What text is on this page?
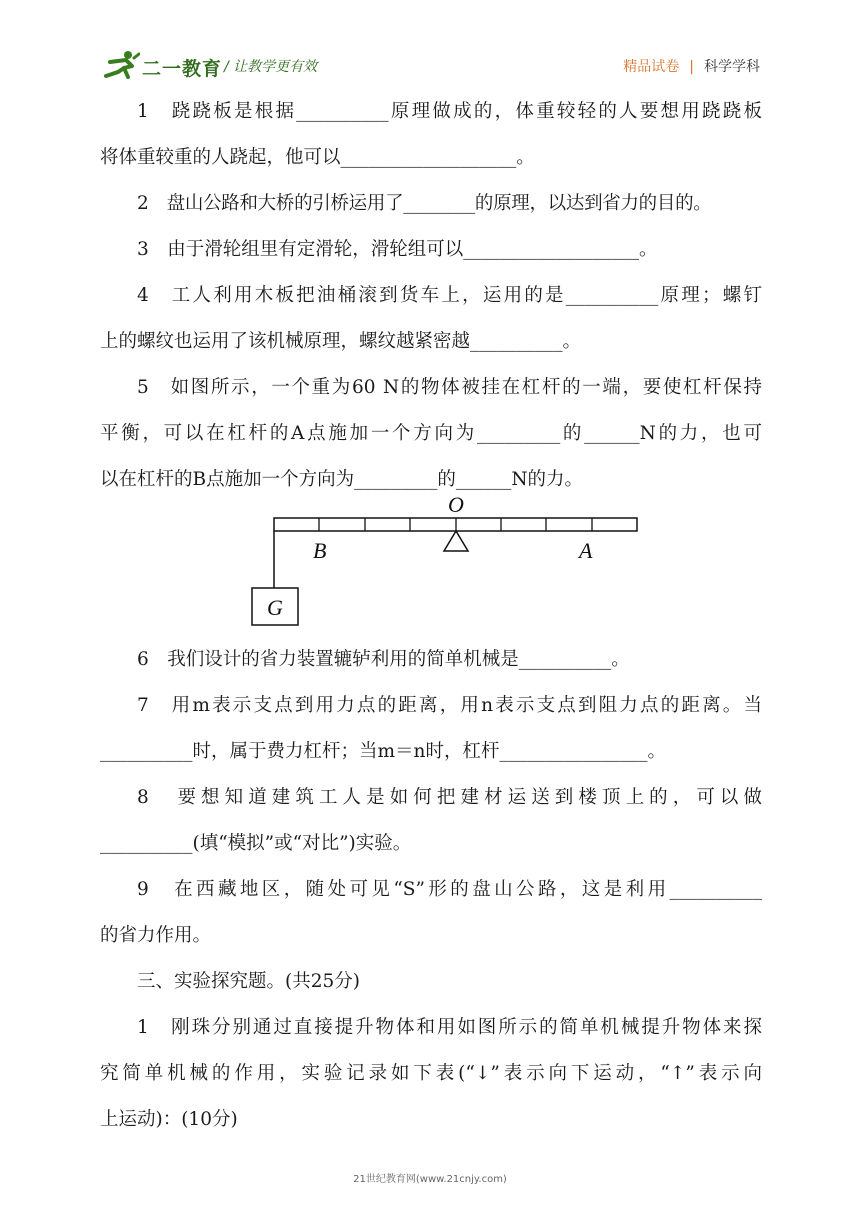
二一教育 / 让教学更有效	精品试卷 | 科学学科
1　跷跷板是根据__________原理做成的，体重较轻的人要想用跷跷板
将体重较重的人跷起，他可以___________________。
2　盘山公路和大桥的引桥运用了________的原理，以达到省力的目的。
3　由于滑轮组里有定滑轮，滑轮组可以___________________。
4　工人利用木板把油桶滚到货车上，运用的是__________原理；螺钉
上的螺纹也运用了该机械原理，螺纹越紧密越__________。
5　如图所示，一个重为60 N的物体被挂在杠杆的一端，要使杠杆保持
平衡，可以在杠杆的A点施加一个方向为_________的______N的力，也可
以在杠杆的B点施加一个方向为_________的______N的力。
6　我们设计的省力装置辘轳利用的简单机械是__________。
7　用m表示支点到用力点的距离，用n表示支点到阻力点的距离。当
__________时，属于费力杠杆；当m＝n时，杠杆________________。
8　要想知道建筑工人是如何把建材运送到楼顶上的，可以做
__________(填“模拟”或“对比”)实验。
9　在西藏地区，随处可见“S”形的盘山公路，这是利用__________
的省力作用。
三、实验探究题。(共25分)
1　刚珠分别通过直接提升物体和用如图所示的简单机械提升物体来探
究简单机械的作用，实验记录如下表(“↓”表示向下运动，“↑”表示向
上运动)：(10分)
O
B	A
G
21世纪教育网(www.21cnjy.com)
